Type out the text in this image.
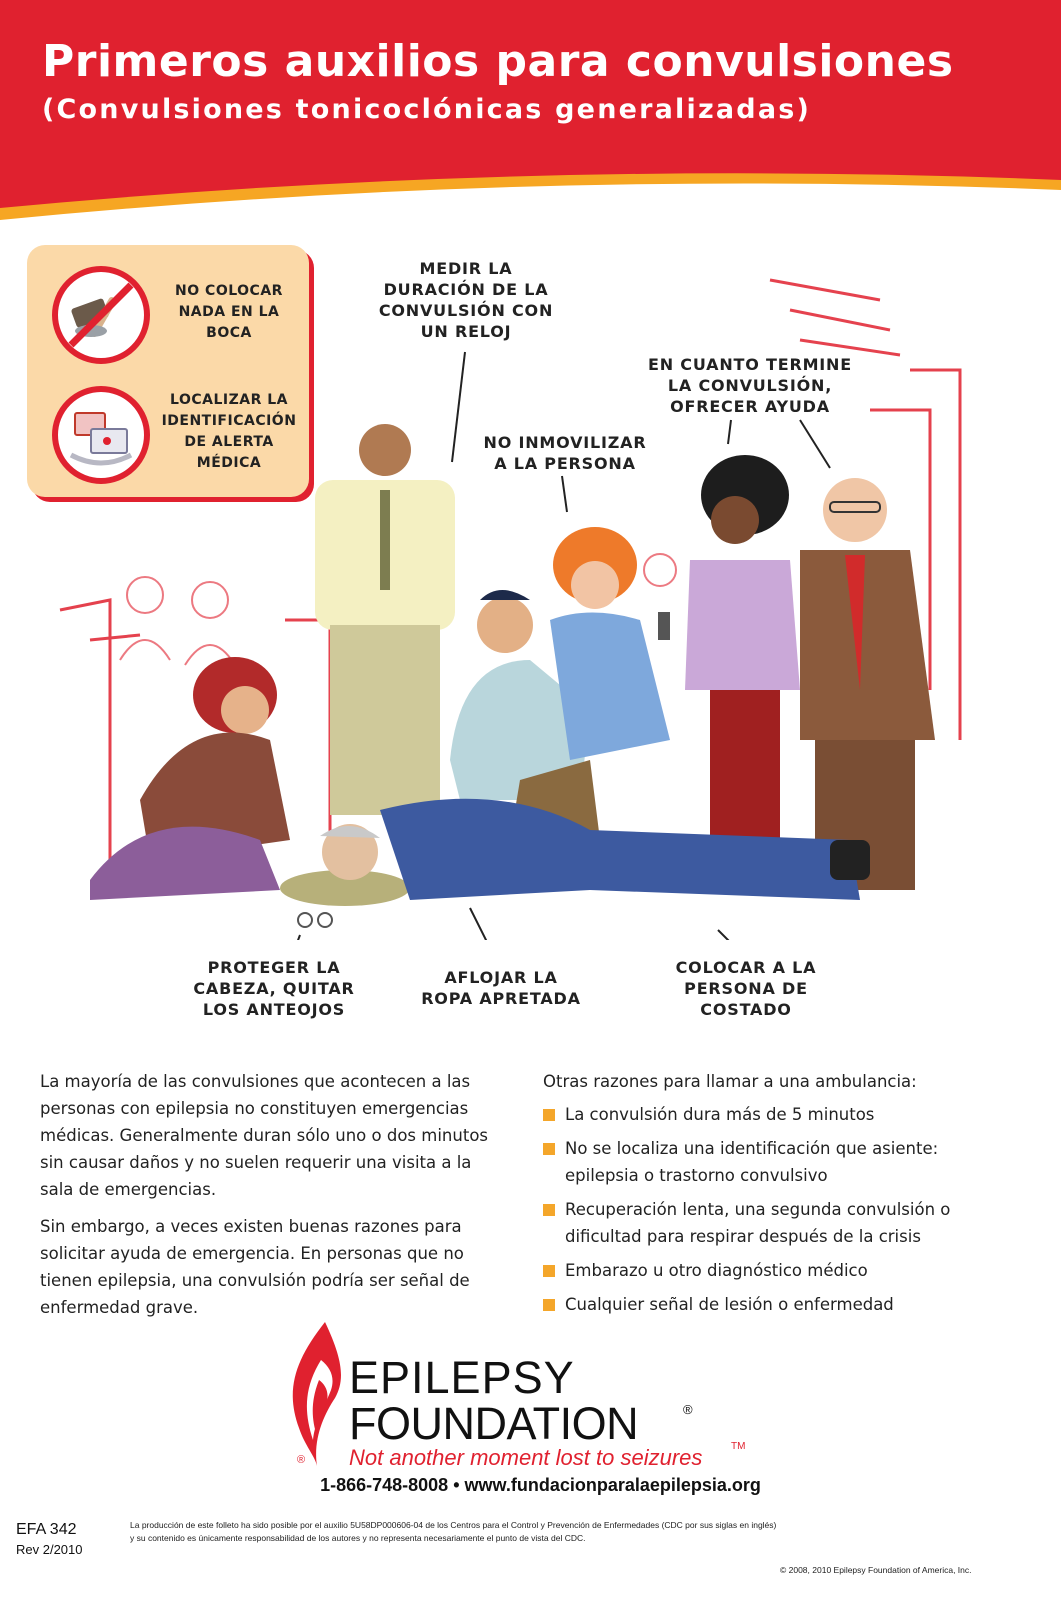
Primeros auxilios para convulsiones
(Convulsiones tonicoclónicas generalizadas)
NO COLOCAR NADA EN LA BOCA
LOCALIZAR LA IDENTIFICACIÓN DE ALERTA MÉDICA
MEDIR LA
DURACIÓN DE LA
CONVULSIÓN CON
UN RELOJ
NO INMOVILIZAR
A LA PERSONA
EN CUANTO TERMINE
LA CONVULSIÓN,
OFRECER AYUDA
PROTEGER LA
CABEZA, QUITAR
LOS ANTEOJOS
AFLOJAR LA
ROPA APRETADA
COLOCAR A LA
PERSONA DE
COSTADO

La mayoría de las convulsiones que acontecen a las personas con epilepsia no constituyen emergencias médicas. Generalmente duran sólo uno o dos minutos sin causar daños y no suelen requerir una visita a la sala de emergencias.

Sin embargo, a veces existen buenas razones para solicitar ayuda de emergencia. En personas que no tienen epilepsia, una convulsión podría ser señal de enfermedad grave.

Otras razones para llamar a una ambulancia:

La convulsión dura más de 5 minutos
No se localiza una identificación que asiente: epilepsia o trastorno convulsivo
Recuperación lenta, una segunda convulsión o dificultad para respirar después de la crisis
Embarazo u otro diagnóstico médico
Cualquier señal de lesión o enfermedad
EPILEPSY
FOUNDATION	®
Not another moment lost to seizures	TM
®
1-866-748-8008 • www.fundacionparalaepilepsia.org
EFA 342
Rev 2/2010
La producción de este folleto ha sido posible por el auxilio 5U58DP000606-04 de los Centros para el Control y Prevención de Enfermedades (CDC por sus siglas en inglés)
y su contenido es únicamente responsabilidad de los autores y no representa necesariamente el punto de vista del CDC.
© 2008, 2010 Epilepsy Foundation of America, Inc.
